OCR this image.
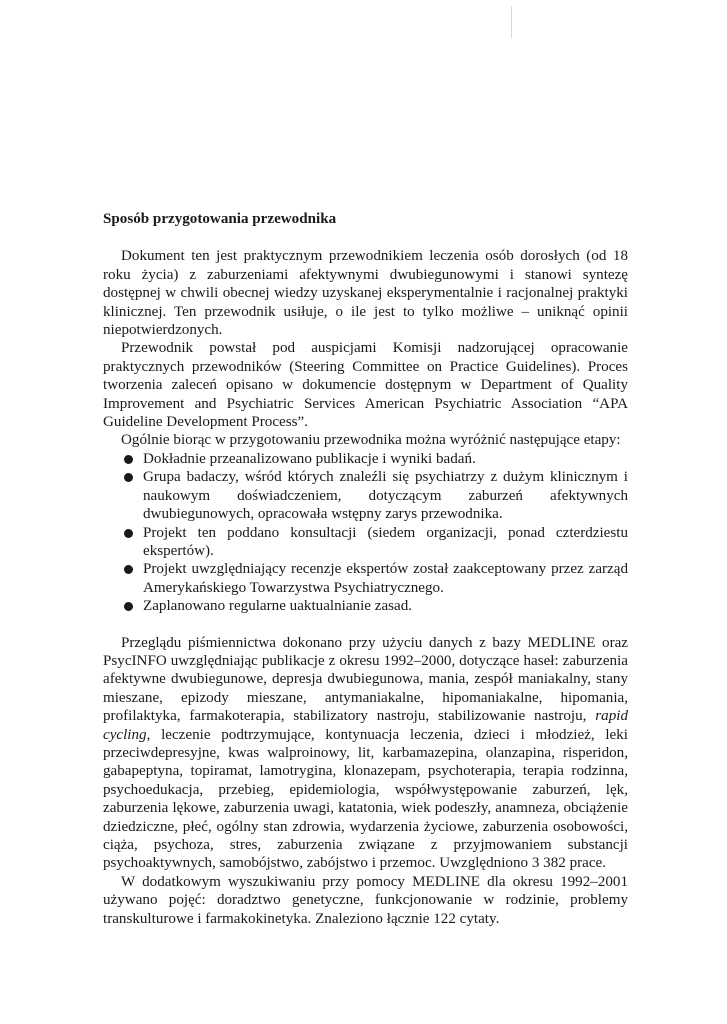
Sposób przygotowania przewodnika

Dokument ten jest praktycznym przewodnikiem leczenia osób dorosłych (od 18 roku życia) z zaburzeniami afektywnymi dwubiegunowymi i stanowi syntezę dostępnej w chwili obecnej wiedzy uzyskanej eksperymentalnie i racjonalnej praktyki klinicznej. Ten przewodnik usiłuje, o ile jest to tylko możliwe – uniknąć opinii niepotwierdzonych.

Przewodnik powstał pod auspicjami Komisji nadzorującej opracowanie praktycznych przewodników (Steering Committee on Practice Guidelines). Proces tworzenia zaleceń opisano w dokumencie dostępnym w Department of Quality Improvement and Psychiatric Services American Psychiatric Association “APA Guideline Development Process”.

Ogólnie biorąc w przygotowaniu przewodnika można wyróżnić następujące etapy:

Dokładnie przeanalizowano publikacje i wyniki badań.
Grupa badaczy, wśród których znaleźli się psychiatrzy z dużym klinicznym i naukowym doświadczeniem, dotyczącym zaburzeń afektywnych dwubiegunowych, opracowała wstępny zarys przewodnika.
Projekt ten poddano konsultacji (siedem organizacji, ponad czterdziestu ekspertów).
Projekt uwzględniający recenzje ekspertów został zaakceptowany przez zarząd Amerykańskiego Towarzystwa Psychiatrycznego.
Zaplanowano regularne uaktualnianie zasad.

Przeglądu piśmiennictwa dokonano przy użyciu danych z bazy MEDLINE oraz PsycINFO uwzględniając publikacje z okresu 1992–2000, dotyczące haseł: zaburzenia afektywne dwubiegunowe, depresja dwubiegunowa, mania, zespół maniakalny, stany mieszane, epizody mieszane, antymaniakalne, hipomaniakalne, hipomania, profilaktyka, farmakoterapia, stabilizatory nastroju, stabilizowanie nastroju, rapid cycling, leczenie podtrzymujące, kontynuacja leczenia, dzieci i młodzież, leki przeciwdepresyjne, kwas walproinowy, lit, karbamazepina, olanzapina, risperidon, gabapeptyna, topiramat, lamotrygina, klonazepam, psychoterapia, terapia rodzinna, psychoedukacja, przebieg, epidemiologia, współwystępowanie zaburzeń, lęk, zaburzenia lękowe, zaburzenia uwagi, katatonia, wiek podeszły, anamneza, obciążenie dziedziczne, płeć, ogólny stan zdrowia, wydarzenia życiowe, zaburzenia osobowości, ciąża, psychoza, stres, zaburzenia związane z przyjmowaniem substancji psychoaktywnych, samobójstwo, zabójstwo i przemoc. Uwzględniono 3 382 prace.

W dodatkowym wyszukiwaniu przy pomocy MEDLINE dla okresu 1992–2001 używano pojęć: doradztwo genetyczne, funkcjonowanie w rodzinie, problemy transkulturowe i farmakokinetyka. Znaleziono łącznie 122 cytaty.
